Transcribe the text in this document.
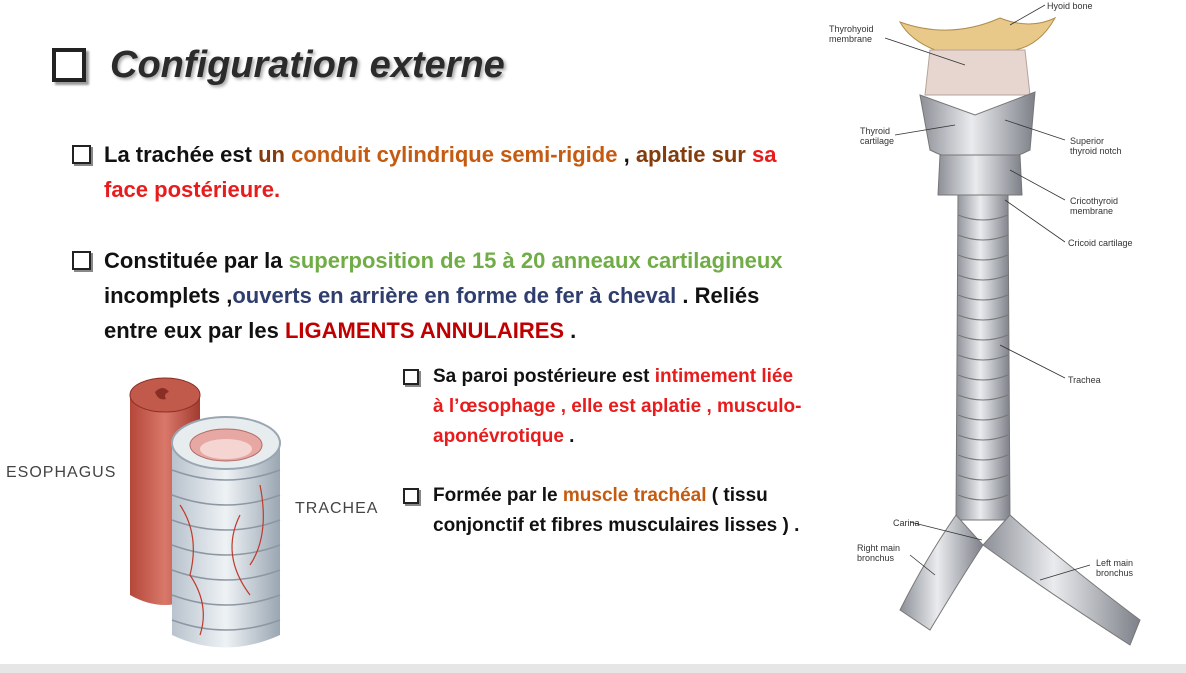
Configuration externe
La trachée est un conduit cylindrique semi-rigide , aplatie sur sa
face postérieure.
Constituée par la superposition de 15 à 20 anneaux cartilagineux
incomplets ,ouverts en arrière en forme de fer à cheval . Reliés
entre eux par les LIGAMENTS ANNULAIRES .
Sa paroi postérieure est intimement liée
à l’œsophage , elle est aplatie , musculo-
aponévrotique .
Formée par le muscle trachéal ( tissu
conjonctif et fibres musculaires lisses ) .
ESOPHAGUS
TRACHEA
Hyoid bone
Thyrohyoid
membrane
Thyroid
cartilage	Superior
thyroid notch
Cricothyroid
membrane
Cricoid cartilage
Trachea
Carina
Right main
bronchus	Left main
bronchus
